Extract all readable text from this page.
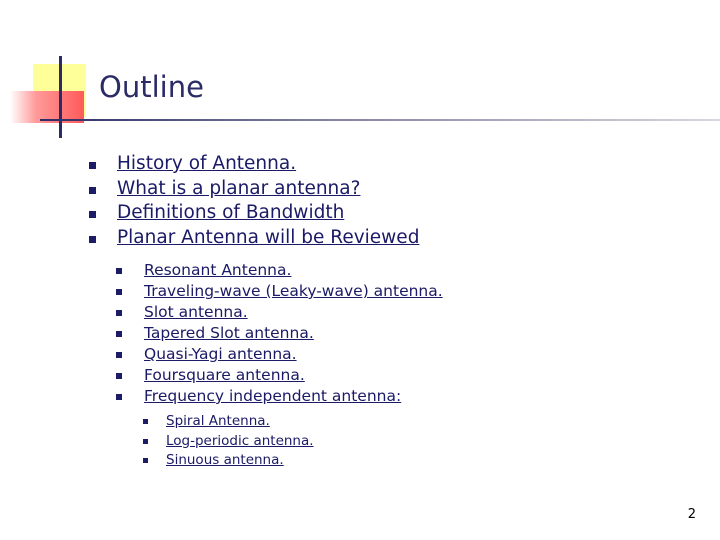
Outline
History of Antenna.
What is a planar antenna?
Definitions of Bandwidth
Planar Antenna will be Reviewed
Resonant Antenna.
Traveling-wave (Leaky-wave) antenna.
Slot antenna.
Tapered Slot antenna.
Quasi-Yagi antenna.
Foursquare antenna.
Frequency independent antenna:
Spiral Antenna.
Log-periodic antenna.
Sinuous antenna.
2
